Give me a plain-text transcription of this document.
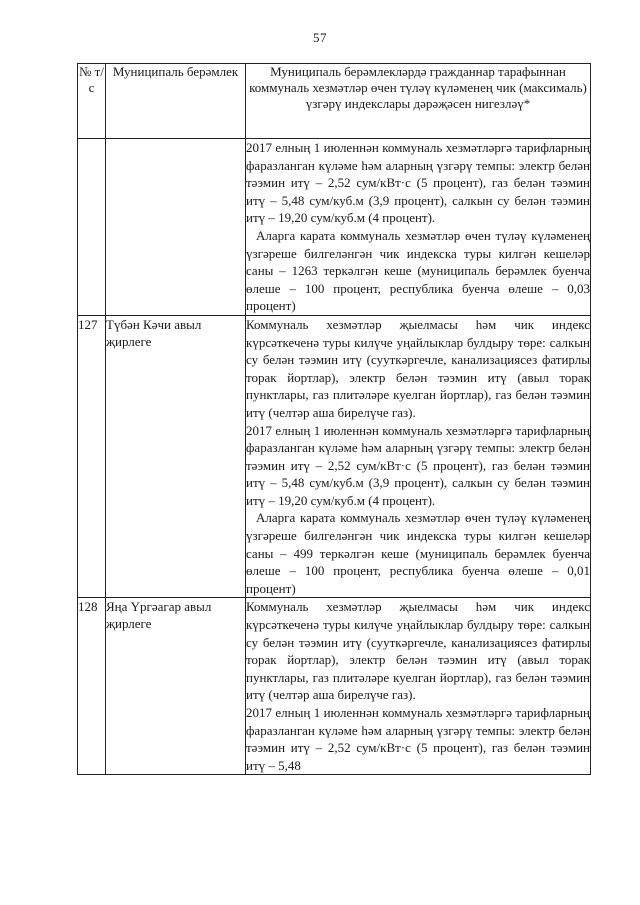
57
№ т/с	Муниципаль берәмлек	Муниципаль берәмлекләрдә гражданнар тарафыннан коммуналь хезмәтләр өчен түләү күләменең чик (максималь) үзгәрү индекслары дәрәҗәсен нигезләү*

		2017 елның 1 июленнән коммуналь хезмәтләргә тарифларның фаразланган күләме һәм аларның үзгәрү темпы: электр белән тәэмин итү – 2,52 сум/кВт·с (5 процент), газ белән тәэмин итү – 5,48 сум/куб.м (3,9 процент), салкын су белән тәэмин итү – 19,20 сум/куб.м (4 процент).

Аларга карата коммуналь хезмәтләр өчен түләү күләменең үзгәреше билгеләнгән чик индекска туры килгән кешеләр саны – 1263 теркәлгән кеше (муниципаль берәмлек буенча өлеше – 100 процент, республика буенча өлеше – 0,03 процент)

127	Түбән Кәчи авыл җирлеге	Коммуналь хезмәтләр җыелмасы һәм чик индекс күрсәткеченә туры килүче уңайлыклар булдыру төре: салкын су белән тәэмин итү (сууткәргечле, канализациясез фатирлы торак йортлар), электр белән тәэмин итү (авыл торак пунктлары, газ плитәләре куелган йортлар), газ белән тәэмин итү (челтәр аша бирелүче газ).

2017 елның 1 июленнән коммуналь хезмәтләргә тарифларның фаразланган күләме һәм аларның үзгәрү темпы: электр белән тәэмин итү – 2,52 сум/кВт·с (5 процент), газ белән тәэмин итү – 5,48 сум/куб.м (3,9 процент), салкын су белән тәэмин итү – 19,20 сум/куб.м (4 процент).

Аларга карата коммуналь хезмәтләр өчен түләү күләменең үзгәреше билгеләнгән чик индекска туры килгән кешеләр саны – 499 теркәлгән кеше (муниципаль берәмлек буенча өлеше – 100 процент, республика буенча өлеше – 0,01 процент)

128	Яңа Үргәагар авыл җирлеге	Коммуналь хезмәтләр җыелмасы һәм чик индекс күрсәткеченә туры килүче уңайлыклар булдыру төре: салкын су белән тәэмин итү (сууткәргечле, канализациясез фатирлы торак йортлар), электр белән тәэмин итү (авыл торак пунктлары, газ плитәләре куелган йортлар), газ белән тәэмин итү (челтәр аша бирелүче газ).

2017 елның 1 июленнән коммуналь хезмәтләргә тарифларның фаразланган күләме һәм аларның үзгәрү темпы: электр белән тәэмин итү – 2,52 сум/кВт·с (5 процент), газ белән тәэмин итү – 5,48
